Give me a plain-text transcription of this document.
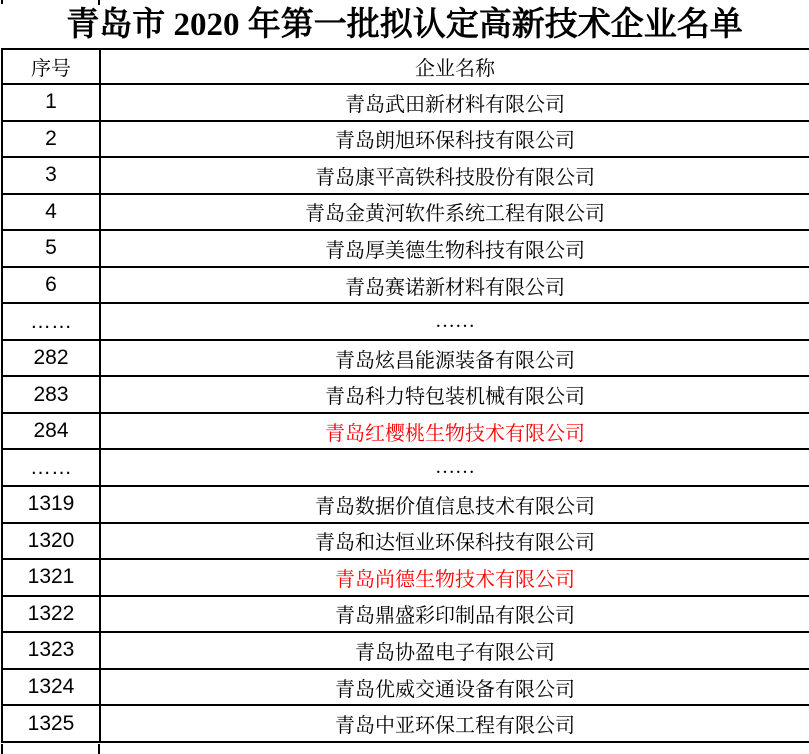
青岛市 2020 年第一批拟认定高新技术企业名单
序号	企业名称
1	青岛武田新材料有限公司
2	青岛朗旭环保科技有限公司
3	青岛康平高铁科技股份有限公司
4	青岛金黄河软件系统工程有限公司
5	青岛厚美德生物科技有限公司
6	青岛赛诺新材料有限公司
……	……
282	青岛炫昌能源装备有限公司
283	青岛科力特包装机械有限公司
284	青岛红樱桃生物技术有限公司
……	……
1319	青岛数据价值信息技术有限公司
1320	青岛和达恒业环保科技有限公司
1321	青岛尚德生物技术有限公司
1322	青岛鼎盛彩印制品有限公司
1323	青岛协盈电子有限公司
1324	青岛优威交通设备有限公司
1325	青岛中亚环保工程有限公司
